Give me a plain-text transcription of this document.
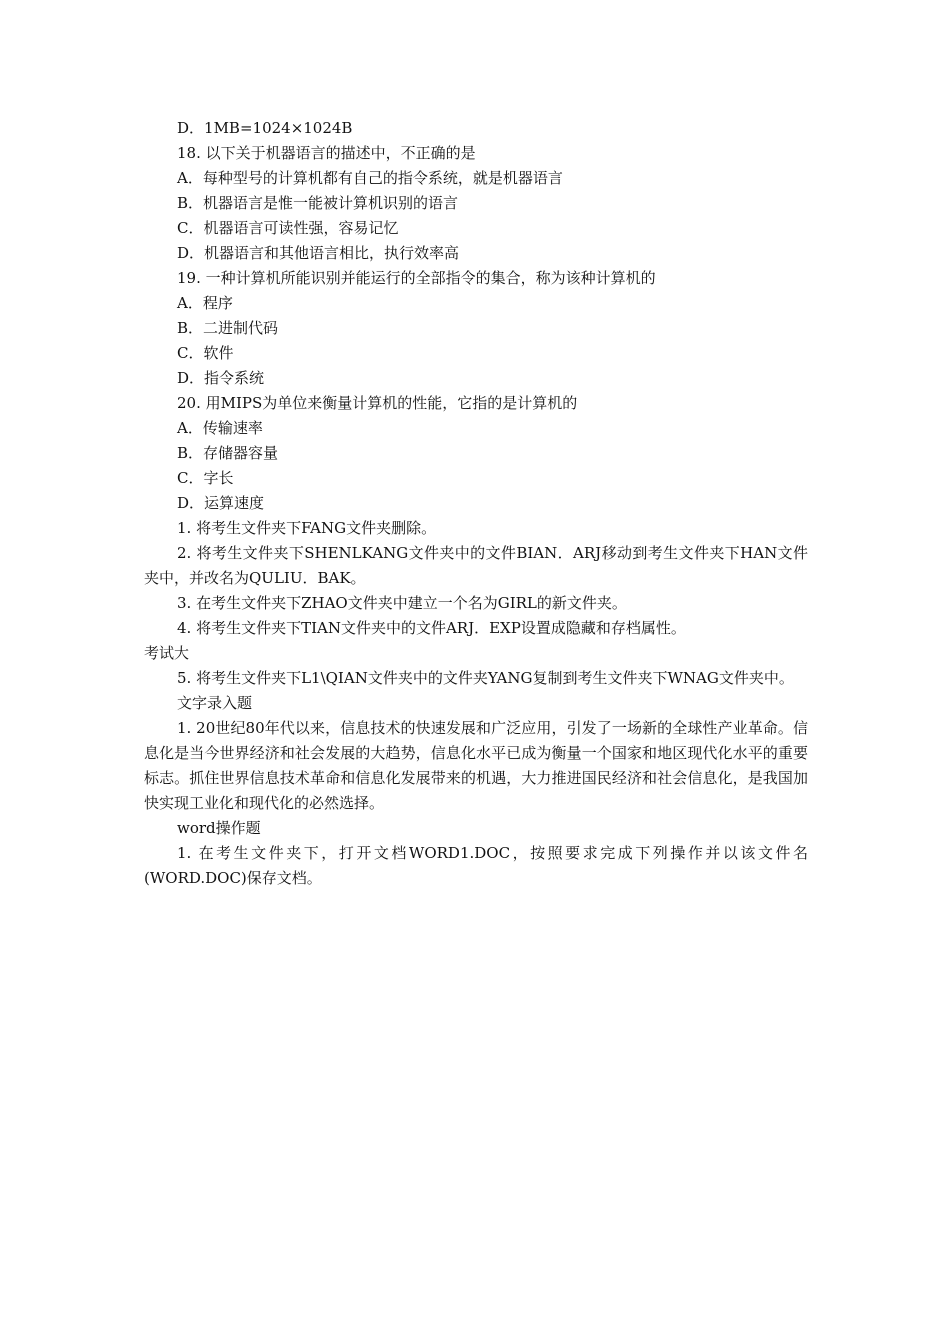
D．1MB=1024×1024B
18. 以下关于机器语言的描述中，不正确的是
A．每种型号的计算机都有自己的指令系统，就是机器语言
B．机器语言是惟一能被计算机识别的语言
C．机器语言可读性强，容易记忆
D．机器语言和其他语言相比，执行效率高
19. 一种计算机所能识别并能运行的全部指令的集合，称为该种计算机的
A．程序
B．二进制代码
C．软件
D．指令系统
20. 用MIPS为单位来衡量计算机的性能，它指的是计算机的
A．传输速率
B．存储器容量
C．字长
D．运算速度
1. 将考生文件夹下FANG文件夹删除。
2. 将考生文件夹下SHENLKANG文件夹中的文件BIAN．ARJ移动到考生文件夹下HAN文件夹中，并改名为QULIU．BAK。
3. 在考生文件夹下ZHAO文件夹中建立一个名为GIRL的新文件夹。
4. 将考生文件夹下TIAN文件夹中的文件ARJ．EXP设置成隐藏和存档属性。
考试大
5. 将考生文件夹下L1\QIAN文件夹中的文件夹YANG复制到考生文件夹下WNAG文件夹中。
文字录入题
1. 20世纪80年代以来，信息技术的快速发展和广泛应用，引发了一场新的全球性产业革命。信息化是当今世界经济和社会发展的大趋势，信息化水平已成为衡量一个国家和地区现代化水平的重要标志。抓住世界信息技术革命和信息化发展带来的机遇，大力推进国民经济和社会信息化，是我国加快实现工业化和现代化的必然选择。
word操作题
1. 在考生文件夹下，打开文档WORD1.DOC，按照要求完成下列操作并以该文件名(WORD.DOC)保存文档。
